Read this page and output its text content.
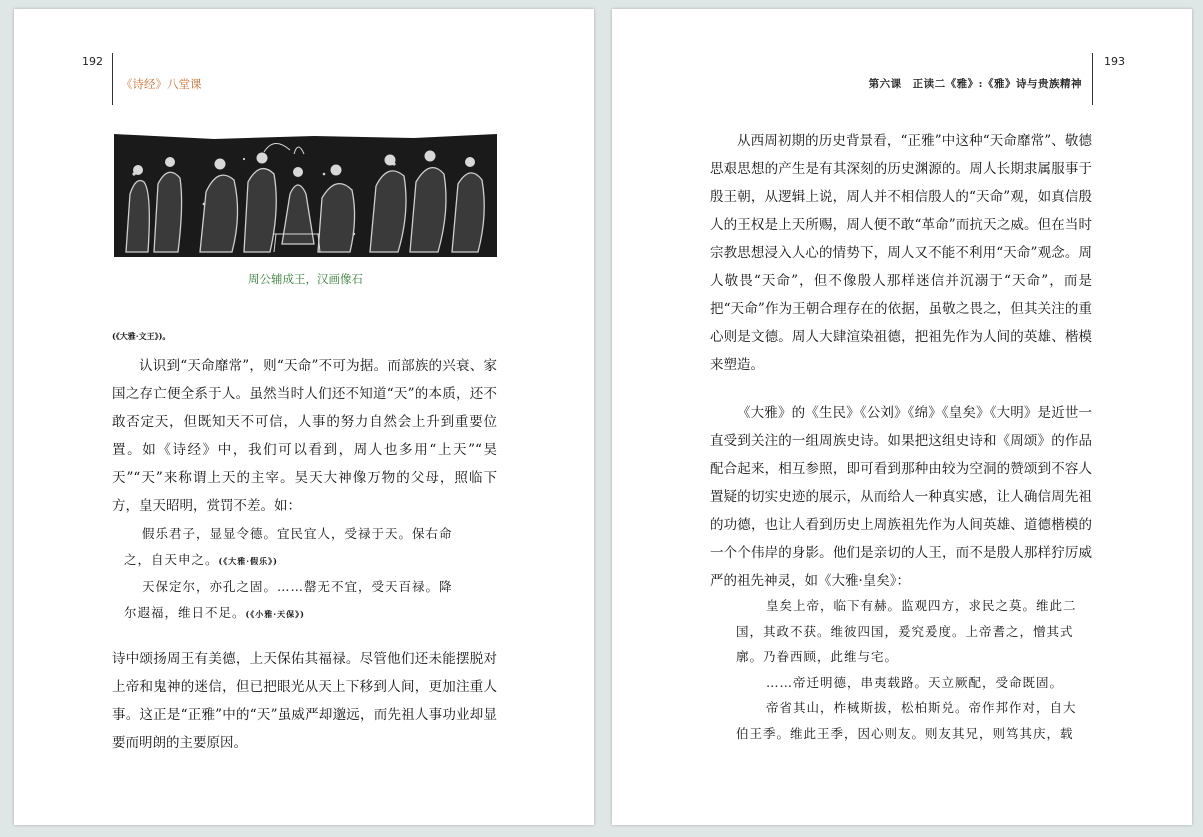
192
《诗经》八堂课
周公辅成王，汉画像石
(《大雅·文王》)。
认识到“天命靡常”，则“天命”不可为据。而部族的兴衰、家国之存亡便全系于人。虽然当时人们还不知道“天”的本质，还不敢否定天，但既知天不可信，人事的努力自然会上升到重要位置。如《诗经》中，我们可以看到，周人也多用“上天”“昊天”“天”来称谓上天的主宰。昊天大神像万物的父母，照临下方，皇天昭明，赏罚不差。如：

假乐君子，显显令德。宜民宜人，受禄于天。保右命

之，自天申之。(《大雅·假乐》)

天保定尔，亦孔之固。……罄无不宜，受天百禄。降

尔遐福，维日不足。(《小雅·天保》)

诗中颂扬周王有美德，上天保佑其福禄。尽管他们还未能摆脱对上帝和鬼神的迷信，但已把眼光从天上下移到人间，更加注重人事。这正是“正雅”中的“天”虽威严却邈远，而先祖人事功业却显要而明朗的主要原因。
193
第六课　正读二《雅》:《雅》诗与贵族精神
从西周初期的历史背景看，“正雅”中这种“天命靡常”、敬德思艰思想的产生是有其深刻的历史渊源的。周人长期隶属服事于殷王朝，从逻辑上说，周人并不相信殷人的“天命”观，如真信殷人的王权是上天所赐，周人便不敢“革命”而抗天之威。但在当时宗教思想浸入人心的情势下，周人又不能不利用“天命”观念。周人敬畏“天命”，但不像殷人那样迷信并沉溺于“天命”，而是把“天命”作为王朝合理存在的依据，虽敬之畏之，但其关注的重心则是文德。周人大肆渲染祖德，把祖先作为人间的英雄、楷模来塑造。
《大雅》的《生民》《公刘》《绵》《皇矣》《大明》是近世一直受到关注的一组周族史诗。如果把这组史诗和《周颂》的作品配合起来，相互参照，即可看到那种由较为空洞的赞颂到不容人置疑的切实史迹的展示，从而给人一种真实感，让人确信周先祖的功德，也让人看到历史上周族祖先作为人间英雄、道德楷模的一个个伟岸的身影。他们是亲切的人王，而不是殷人那样狞厉威严的祖先神灵，如《大雅·皇矣》：

皇矣上帝，临下有赫。监观四方，求民之莫。维此二

国，其政不获。维彼四国，爰究爰度。上帝耆之，憎其式

廓。乃眷西顾，此维与宅。

……帝迁明德，串夷载路。天立厥配，受命既固。

帝省其山，柞棫斯拔，松柏斯兑。帝作邦作对，自大

伯王季。维此王季，因心则友。则友其兄，则笃其庆，载
